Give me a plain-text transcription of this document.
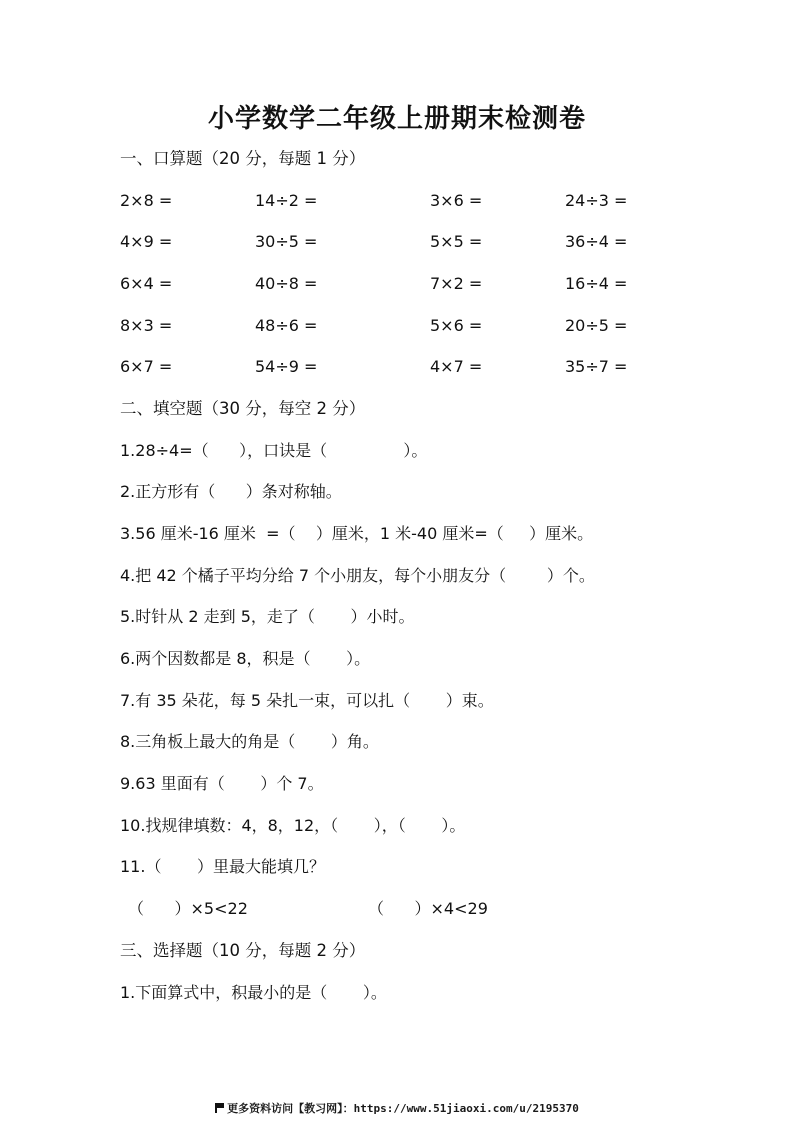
小学数学二年级上册期末检测卷
一、口算题（20 分，每题 1 分）
2×8 =	14÷2 =	3×6 =	24÷3 =
4×9 =	30÷5 =	5×5 =	36÷4 =
6×4 =	40÷8 =	7×2 =	16÷4 =
8×3 =	48÷6 =	5×6 =	20÷5 =
6×7 =	54÷9 =	4×7 =	35÷7 =
二、填空题（30 分，每空 2 分）
1.28÷4=（      ），口诀是（               ）。
2.正方形有（      ）条对称轴。
3.56 厘米-16 厘米  =（    ）厘米，1 米-40 厘米=（     ）厘米。
4.把 42 个橘子平均分给 7 个小朋友，每个小朋友分（        ）个。
5.时针从 2 走到 5，走了（       ）小时。
6.两个因数都是 8，积是（       ）。
7.有 35 朵花，每 5 朵扎一束，可以扎（       ）束。
8.三角板上最大的角是（       ）角。
9.63 里面有（       ）个 7。
10.找规律填数：4，8，12，（       ），（       ）。
11.（       ）里最大能填几？
（      ）×5<22	（      ）×4<29
三、选择题（10 分，每题 2 分）
1.下面算式中，积最小的是（       ）。
更多资料访问【教习网】：https://www.51jiaoxi.com/u/2195370
